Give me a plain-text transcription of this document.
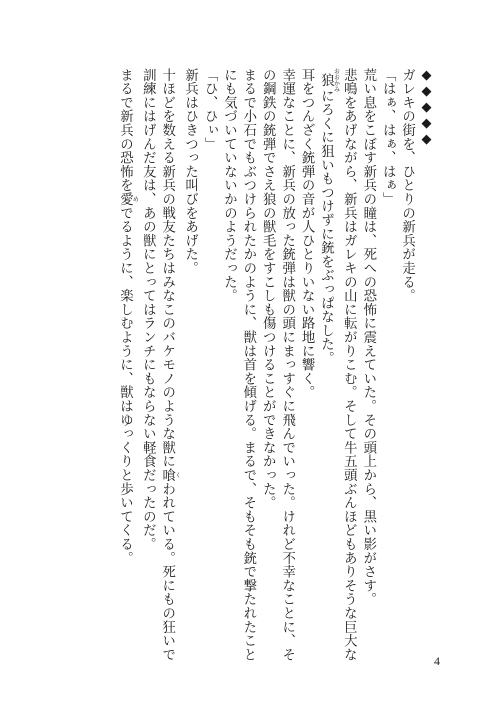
◆◆◆◆◆
ガレキの街を、ひとりの新兵が走る。
「はぁ、はぁ、はぁ」
荒い息をこぼす新兵の瞳は、死への恐怖に震えていた。その頭上から、黒い影がさす。
悲鳴をあげながら、新兵はガレキの山に転がりこむ。そして牛五頭ぶんほどもありそうな巨大な
狼 おおかみにろくに狙いもつけずに銃をぶっぱなした。
耳をつんざく銃弾の音が人ひとりいない路地に響く。
幸運なことに、新兵の放った銃弾は獣の頭にまっすぐに飛んでいった。けれど不幸なことに、そ
の鋼鉄の銃弾でさえ狼の獣毛をすこしも傷つけることができなかった。
まるで小石でもぶつけられたかのように、獣は首を傾げる。まるで、そもそも銃で撃たれたこと
にも気づいていないかのようだった。
「ひ、ひぃ」
新兵はひきつった叫びをあげた。
十ほどを数える新兵の戦友たちはみなこのバケモノのような獣に喰 くわれている。死にもの狂いで
訓練にはげんだ友は、あの獣にとってはランチにもならない軽食だったのだ。
まるで新兵の恐怖を愛 めでるように、楽しむように、獣はゆっくりと歩いてくる。
4
